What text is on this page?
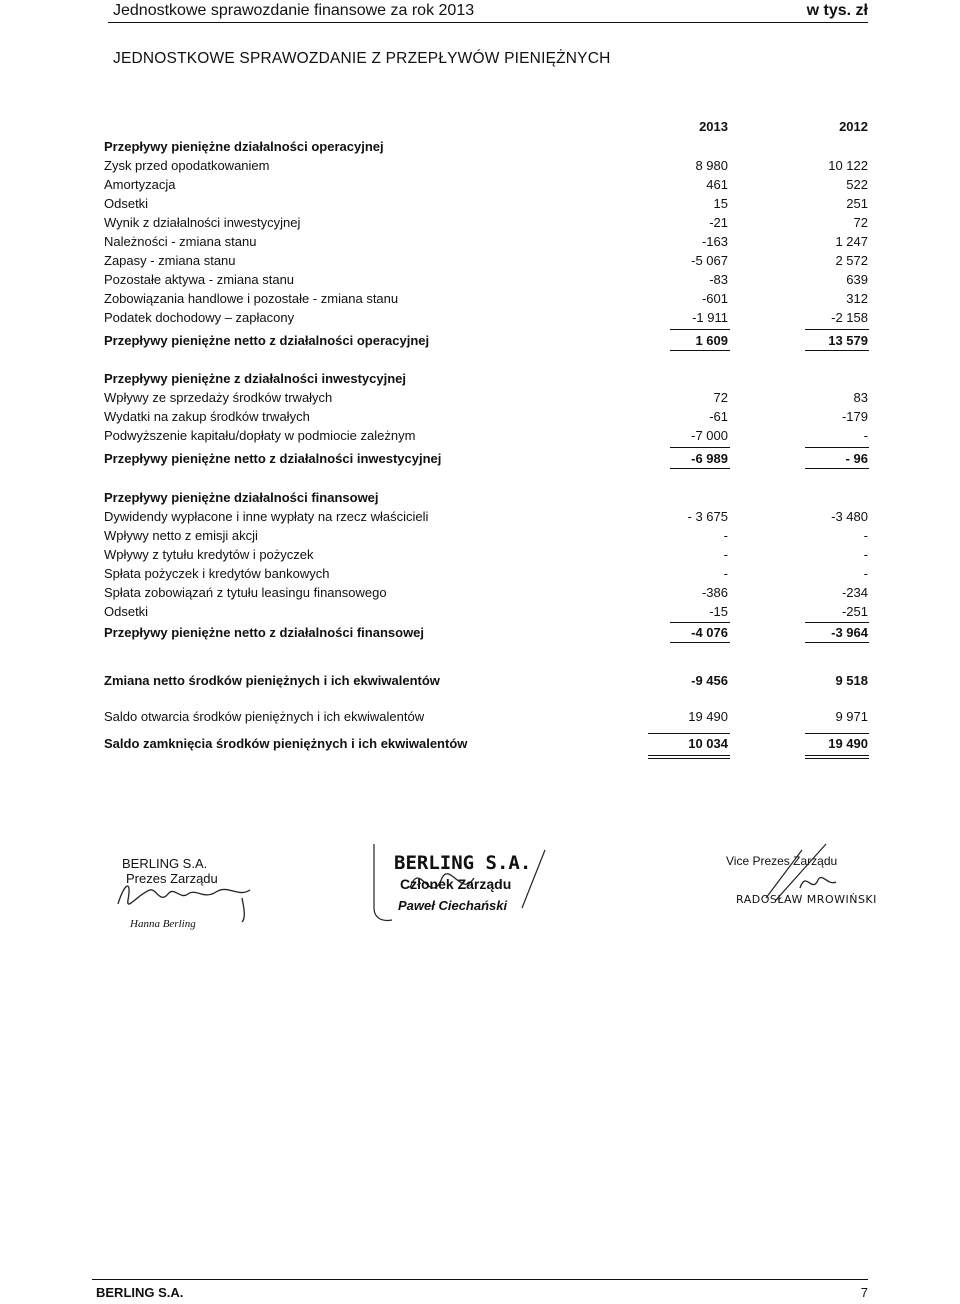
Jednostkowe sprawozdanie finansowe za rok 2013	w tys. zł
JEDNOSTKOWE SPRAWOZDANIE Z PRZEPŁYWÓW PIENIĘŻNYCH
2013	2012
Przepływy pieniężne działalności operacyjnej
Zysk przed opodatkowaniem	8 980	10 122
Amortyzacja	461	522
Odsetki	15	251
Wynik z działalności inwestycyjnej	-21	72
Należności - zmiana stanu	-163	1 247
Zapasy - zmiana stanu	-5 067	2 572
Pozostałe aktywa - zmiana stanu	-83	639
Zobowiązania handlowe i pozostałe - zmiana stanu	-601	312
Podatek dochodowy – zapłacony	-1 911	-2 158
Przepływy pieniężne netto z działalności operacyjnej	1 609	13 579
Przepływy pieniężne z działalności inwestycyjnej
Wpływy ze sprzedaży środków trwałych	72	83
Wydatki na zakup środków trwałych	-61	-179
Podwyższenie kapitału/dopłaty w podmiocie zależnym	-7 000	-
Przepływy pieniężne netto z działalności inwestycyjnej	-6 989	- 96
Przepływy pieniężne działalności finansowej
Dywidendy wypłacone i inne wypłaty na rzecz właścicieli	- 3 675	-3 480
Wpływy netto z emisji akcji	-	-
Wpływy z tytułu kredytów i pożyczek	-	-
Spłata pożyczek i kredytów bankowych	-	-
Spłata zobowiązań z tytułu leasingu finansowego	-386	-234
Odsetki	-15	-251
Przepływy pieniężne netto z działalności finansowej	-4 076	-3 964
Zmiana netto środków pieniężnych i ich ekwiwalentów	-9 456	9 518
Saldo otwarcia środków pieniężnych i ich ekwiwalentów	19 490	9 971
Saldo zamknięcia środków pieniężnych i ich ekwiwalentów	10 034	19 490
BERLING S.A.
Prezes Zarządu
Hanna Berling
BERLING S.A.
Członek Zarządu
Paweł Ciechański
Vice Prezes Zarządu
RADOSŁAW MROWIŃSKI
BERLING S.A.	7
